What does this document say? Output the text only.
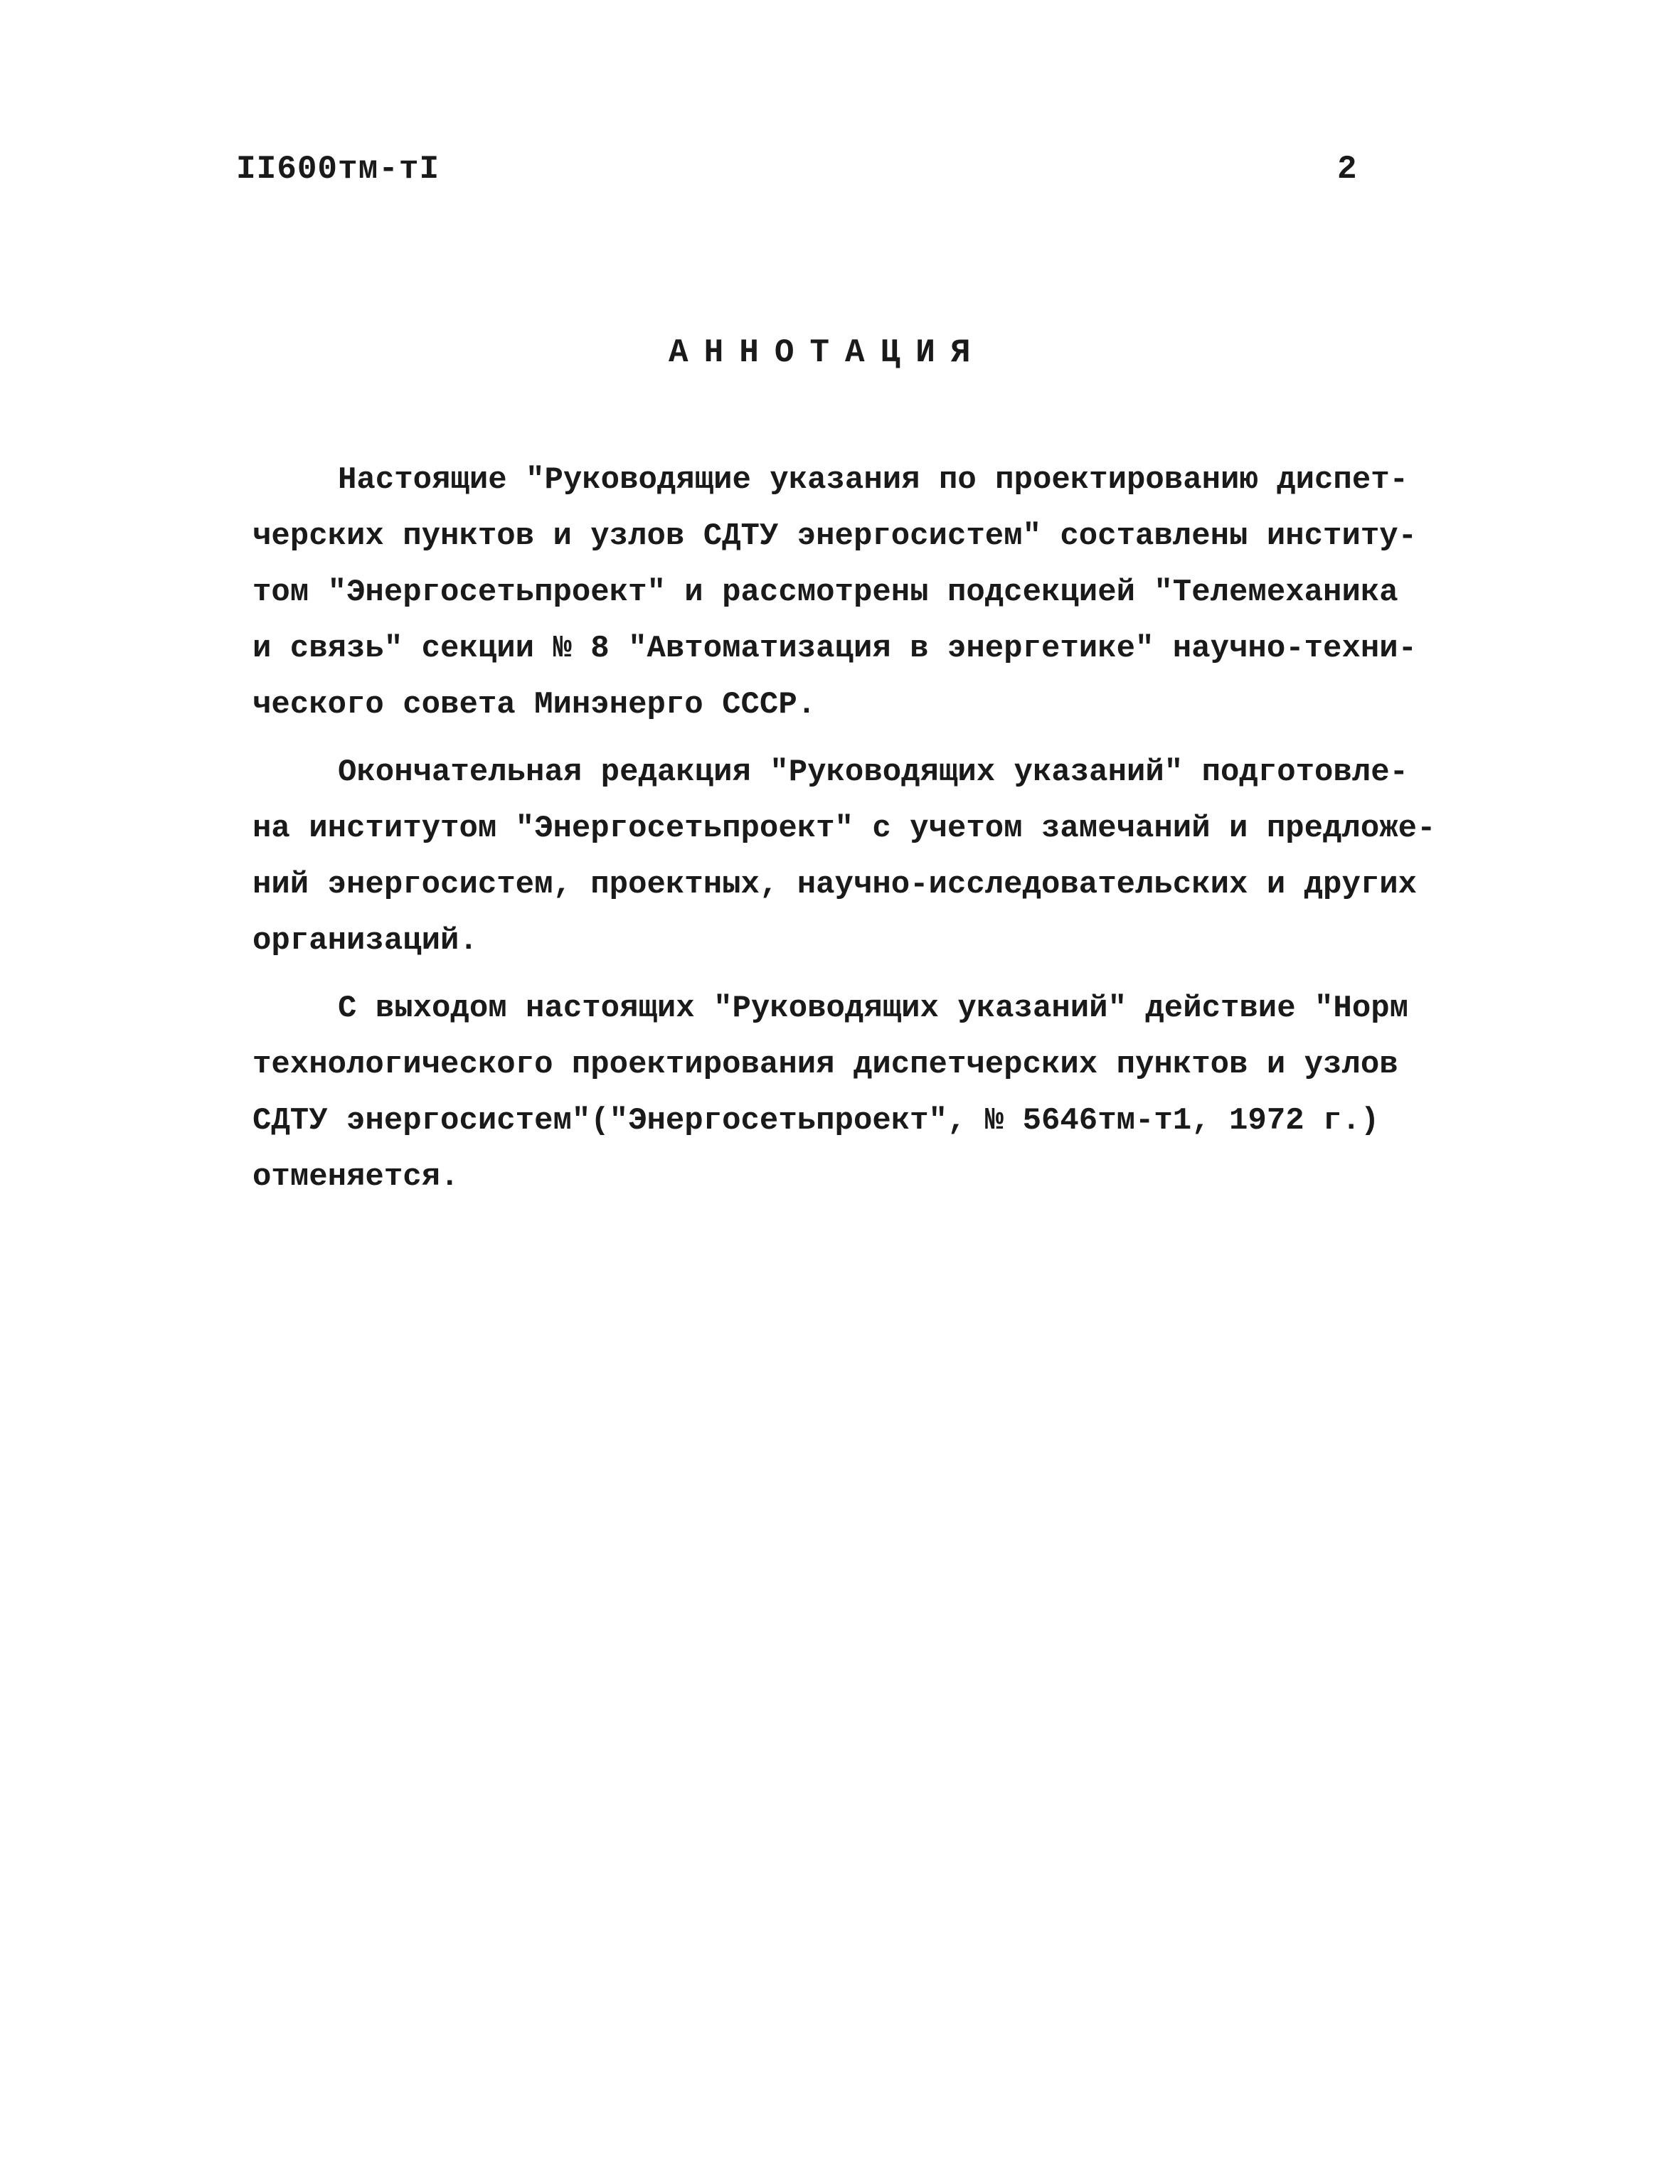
II600тм-тI	2
АННОТАЦИЯ
Настоящие "Руководящие указания по проектированию диспет-
черских пунктов и узлов СДТУ энергосистем" составлены институ-
том "Энергосетьпроект" и рассмотрены подсекцией "Телемеханика
и связь" секции № 8 "Автоматизация в энергетике" научно-техни-
ческого совета Минэнерго СССР.
Окончательная редакция "Руководящих указаний" подготовле-
на институтом "Энергосетьпроект" с учетом замечаний и предложе-
ний энергосистем, проектных, научно-исследовательских и других
организаций.
С выходом настоящих "Руководящих указаний" действие "Норм
технологического проектирования диспетчерских пунктов и узлов
СДТУ энергосистем"("Энергосетьпроект", № 5646тм-т1, 1972 г.)
отменяется.
